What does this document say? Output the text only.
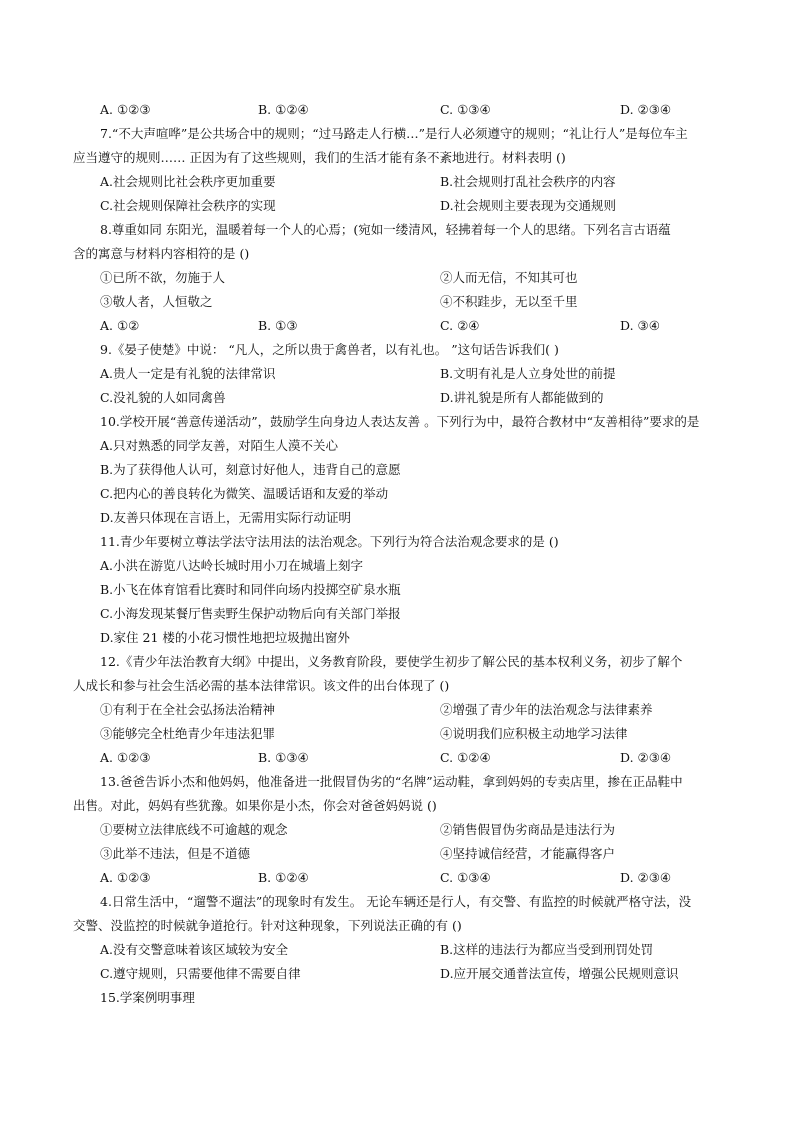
A. ①②③	B. ①②④	C. ①③④	D. ②③④
7.“不大声喧哗”是公共场合中的规则；“过马路走人行横…”是行人必须遵守的规则；“礼让行人”是每位车主
应当遵守的规则…… 正因为有了这些规则，我们的生活才能有条不紊地进行。材料表明 ()
A.社会规则比社会秩序更加重要	B.社会规则打乱社会秩序的内容
C.社会规则保障社会秩序的实现	D.社会规则主要表现为交通规则
8.尊重如同 东阳光，温暖着每一个人的心焉；(宛如一缕清风，轻拂着每一个人的思绪。下列名言古语蕴
含的寓意与材料内容相符的是 ()
①已所不欲，勿施于人	②人而无信，不知其可也
③敬人者，人恒敬之	④不积跬步，无以至千里
A. ①②	B. ①③	C. ②④	D. ③④
9.《晏子使楚》中说： “凡人，之所以贵于禽兽者，以有礼也。 ”这句话告诉我们( )
A.贵人一定是有礼貌的法律常识	B.文明有礼是人立身处世的前提
C.没礼貌的人如同禽兽	D.讲礼貌是所有人都能做到的
10.学校开展“善意传递活动”，鼓励学生向身边人表达友善 。下列行为中，最符合教材中“友善相待”要求的是
A.只对熟悉的同学友善，对陌生人漠不关心
B.为了获得他人认可，刻意讨好他人，违背自己的意愿
C.把内心的善良转化为微笑、温暖话语和友爱的举动
D.友善只体现在言语上，无需用实际行动证明
11.青少年要树立尊法学法守法用法的法治观念。下列行为符合法治观念要求的是 ()
A.小洪在游览八达岭长城时用小刀在城墙上刻字
B.小飞在体育馆看比赛时和同伴向场内投掷空矿泉水瓶
C.小海发现某餐厅售卖野生保护动物后向有关部门举报
D.家住 21 楼的小花习惯性地把垃圾抛出窗外
12.《青少年法治教育大纲》中提出，义务教育阶段，要使学生初步了解公民的基本权利义务，初步了解个
人成长和参与社会生活必需的基本法律常识。该文件的出台体现了 ()
①有利于在全社会弘扬法治精神	②增强了青少年的法治观念与法律素养
③能够完全杜绝青少年违法犯罪	④说明我们应积极主动地学习法律
A. ①②③	B. ①③④	C. ①②④	D. ②③④
13.爸爸告诉小杰和他妈妈，他准备进一批假冒伪劣的“名牌”运动鞋，拿到妈妈的专卖店里，掺在正品鞋中
出售。对此，妈妈有些犹豫。如果你是小杰，你会对爸爸妈妈说 ()
①要树立法律底线不可逾越的观念	②销售假冒伪劣商品是违法行为
③此举不违法，但是不道德	④坚持诚信经营，才能赢得客户
A. ①②③	B. ①②④	C. ①③④	D. ②③④
4.日常生活中，“遛警不遛法”的现象时有发生。 无论车辆还是行人，有交警、有监控的时候就严格守法，没
交警、没监控的时候就争道抢行。针对这种现象，下列说法正确的有 ()
A.没有交警意味着该区域较为安全	B.这样的违法行为都应当受到刑罚处罚
C.遵守规则，只需要他律不需要自律	D.应开展交通普法宣传，增强公民规则意识
15.学案例明事理
